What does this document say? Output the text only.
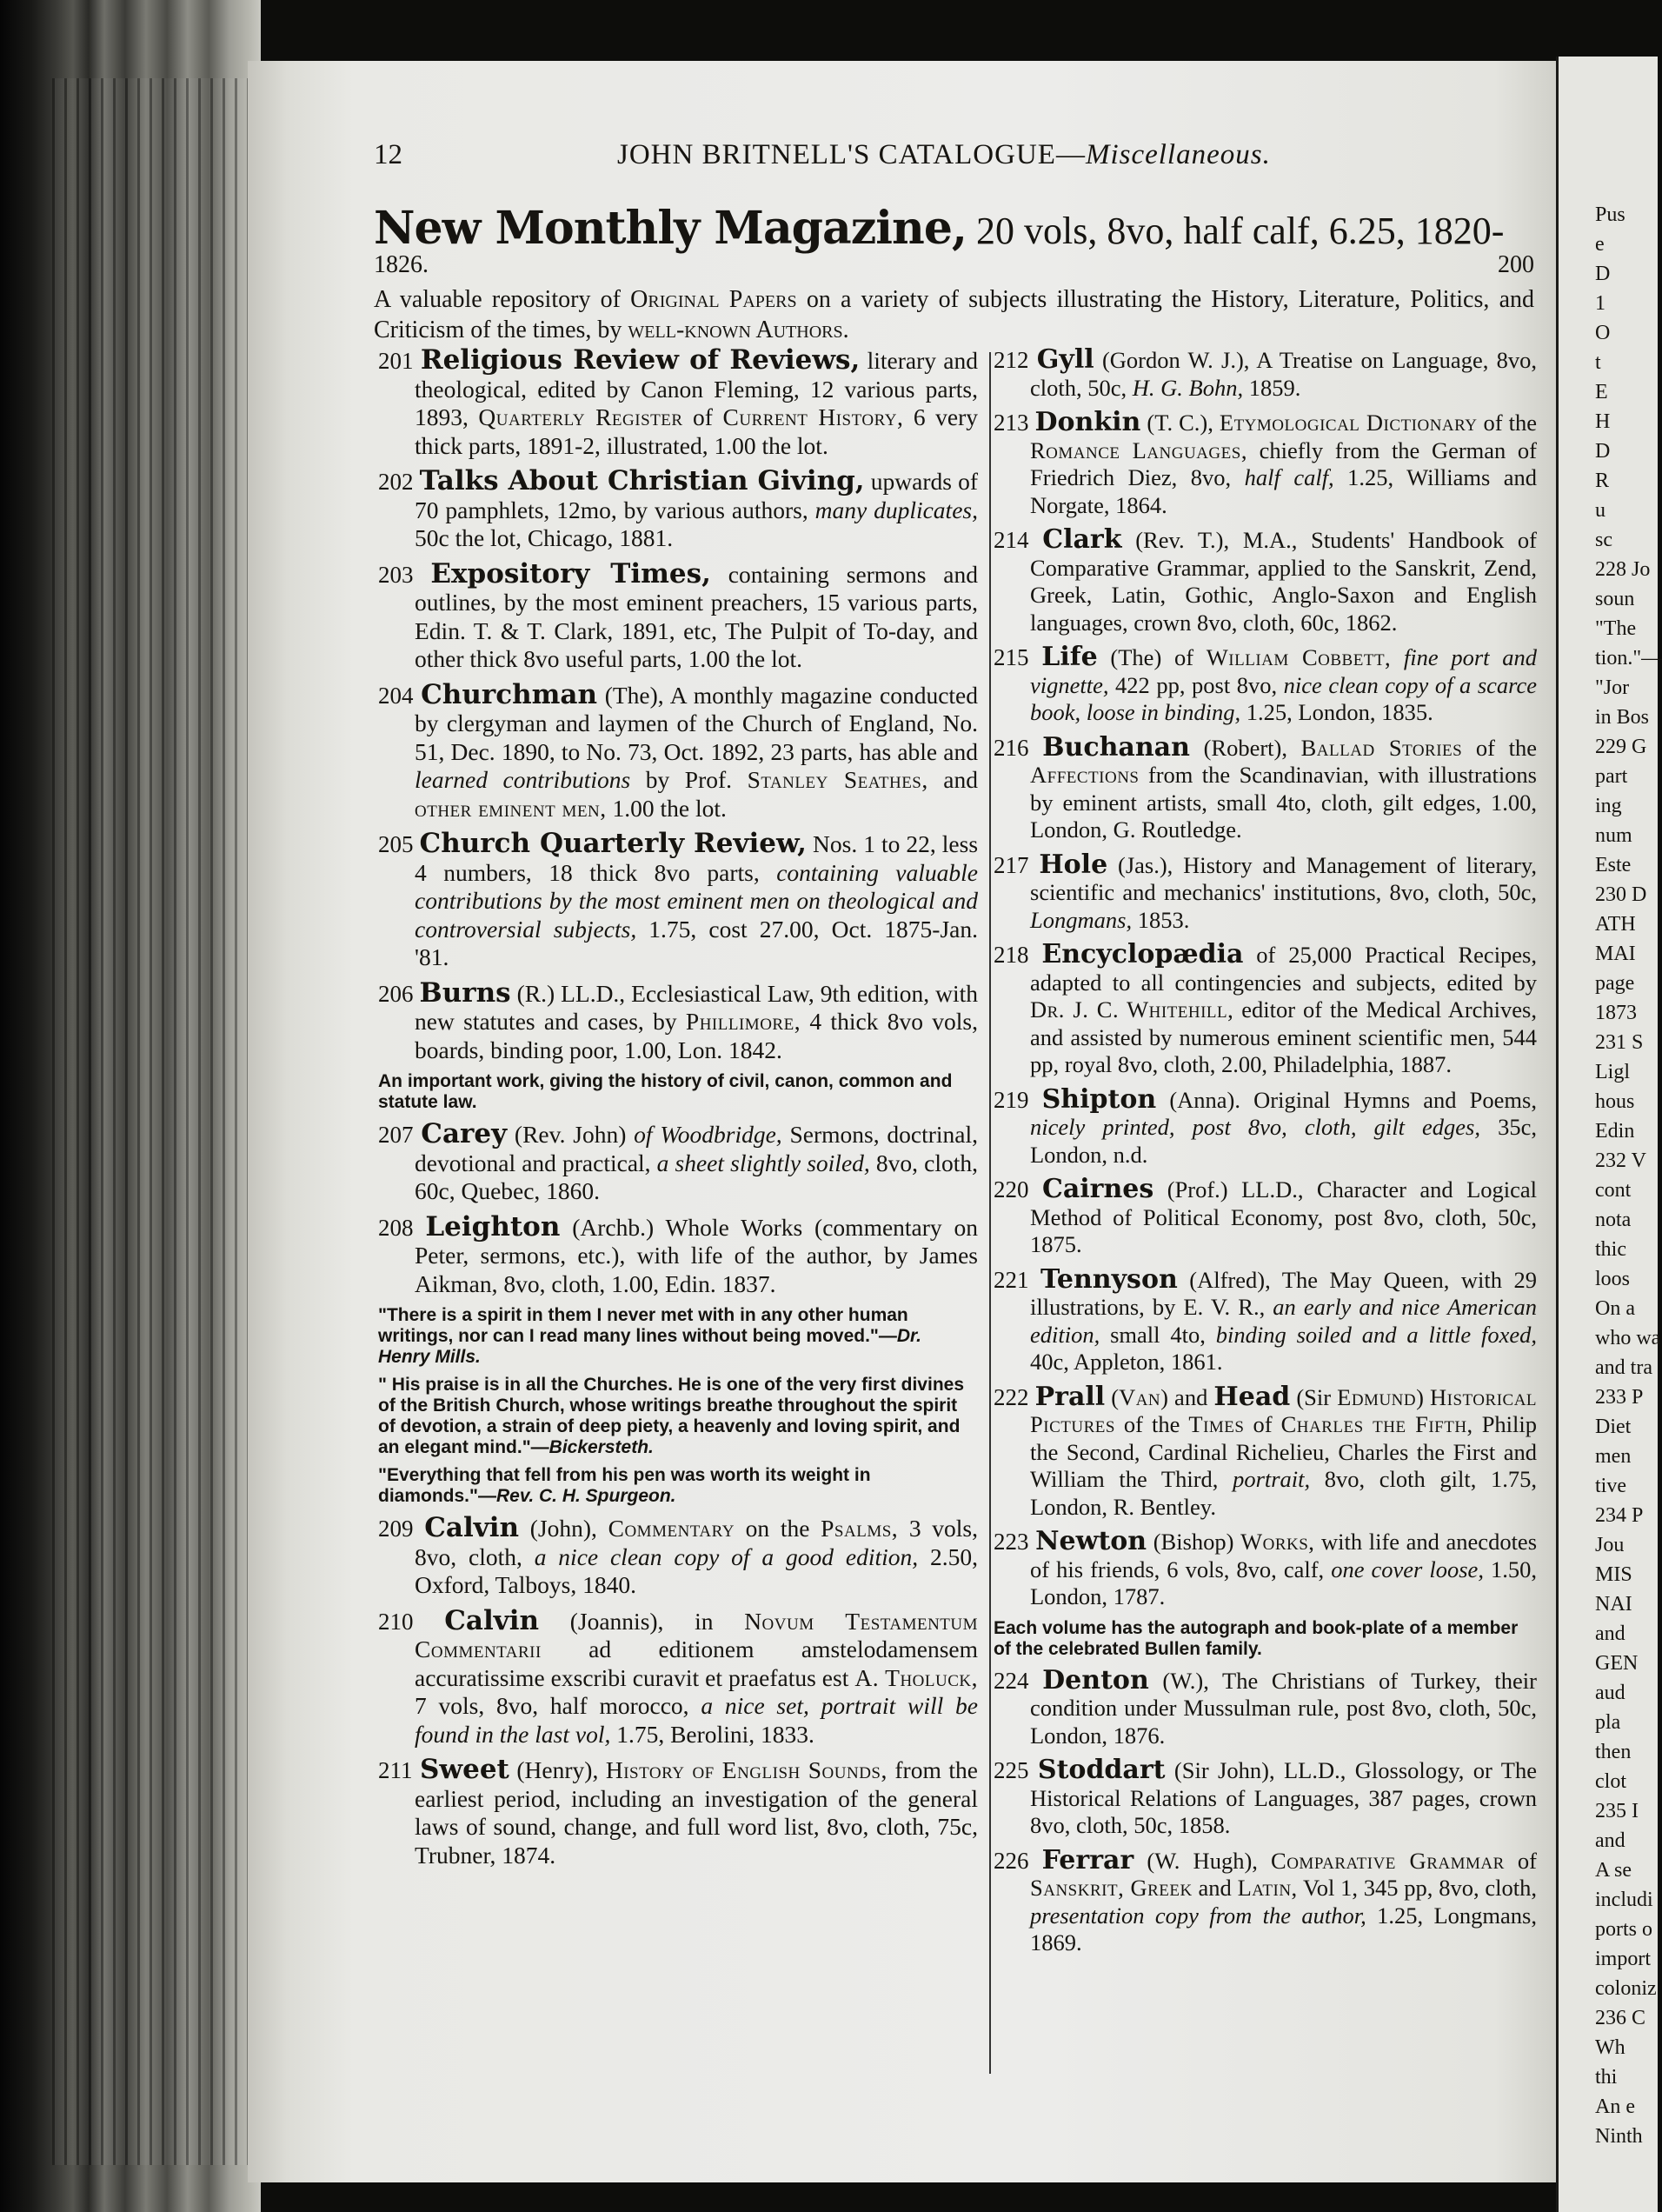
Pus

e

D

1

O

t

E

H

D

R

u

sc

228 Jo

soun

"The

tion."—

"Jor

in Bos

229 G

part

ing

num

Este

230 D

ATH

MAI

page

1873

231 S

Ligl

hous

Edin

232 V

cont

nota

thic

loos

On a

who wa

and tra

233 P

Diet

men

tive

234 P

Jou

MIS

NAI

and

GEN

aud

pla

then

clot

235 I

and

A se

includi

ports o

import

coloniz

236 C

Wh

thi

An e

Ninth

12	JOHN BRITNELL'S CATALOGUE—Miscellaneous.

New Monthly Magazine, 20 vols, 8vo, half calf, 6.25, 1820-

1826.	200

A valuable repository of Original Papers on a variety of subjects illustrating the History, Literature, Politics, and Criticism of the times, by well-known Authors.

201 Religious Review of Reviews, literary and theological, edited by Canon Fleming, 12 various parts, 1893, Quarterly Register of Current History, 6 very thick parts, 1891-2, illustrated, 1.00 the lot.

202 Talks About Christian Giving, upwards of 70 pamphlets, 12mo, by various authors, many duplicates, 50c the lot, Chicago, 1881.

203 Expository Times, containing sermons and outlines, by the most eminent preachers, 15 various parts, Edin. T. & T. Clark, 1891, etc, The Pulpit of To-day, and other thick 8vo useful parts, 1.00 the lot.

204 Churchman (The), A monthly magazine conducted by clergyman and laymen of the Church of England, No. 51, Dec. 1890, to No. 73, Oct. 1892, 23 parts, has able and learned contributions by Prof. Stanley Seathes, and other eminent men, 1.00 the lot.

205 Church Quarterly Review, Nos. 1 to 22, less 4 numbers, 18 thick 8vo parts, containing valuable contributions by the most eminent men on theological and controversial subjects, 1.75, cost 27.00, Oct. 1875-Jan. '81.

206 Burns (R.) LL.D., Ecclesiastical Law, 9th edition, with new statutes and cases, by Phillimore, 4 thick 8vo vols, boards, binding poor, 1.00, Lon. 1842.

An important work, giving the history of civil, canon, common and statute law.

207 Carey (Rev. John) of Woodbridge, Sermons, doctrinal, devotional and practical, a sheet slightly soiled, 8vo, cloth, 60c, Quebec, 1860.

208 Leighton (Archb.) Whole Works (commentary on Peter, sermons, etc.), with life of the author, by James Aikman, 8vo, cloth, 1.00, Edin. 1837.

"There is a spirit in them I never met with in any other human writings, nor can I read many lines without being moved."—Dr. Henry Mills.

" His praise is in all the Churches. He is one of the very first divines of the British Church, whose writings breathe throughout the spirit of devotion, a strain of deep piety, a heavenly and loving spirit, and an elegant mind."—Bickersteth.

"Everything that fell from his pen was worth its weight in diamonds."—Rev. C. H. Spurgeon.

209 Calvin (John), Commentary on the Psalms, 3 vols, 8vo, cloth, a nice clean copy of a good edition, 2.50, Oxford, Talboys, 1840.

210 Calvin (Joannis), in Novum Testamentum Commentarii ad editionem amstelodamensem accuratissime exscribi curavit et praefatus est A. Tholuck, 7 vols, 8vo, half morocco, a nice set, portrait will be found in the last vol, 1.75, Berolini, 1833.

211 Sweet (Henry), History of English Sounds, from the earliest period, including an investigation of the general laws of sound, change, and full word list, 8vo, cloth, 75c, Trubner, 1874.

212 Gyll (Gordon W. J.), A Treatise on Language, 8vo, cloth, 50c, H. G. Bohn, 1859.

213 Donkin (T. C.), Etymological Dictionary of the Romance Languages, chiefly from the German of Friedrich Diez, 8vo, half calf, 1.25, Williams and Norgate, 1864.

214 Clark (Rev. T.), M.A., Students' Handbook of Comparative Grammar, applied to the Sanskrit, Zend, Greek, Latin, Gothic, Anglo-Saxon and English languages, crown 8vo, cloth, 60c, 1862.

215 Life (The) of William Cobbett, fine port and vignette, 422 pp, post 8vo, nice clean copy of a scarce book, loose in binding, 1.25, London, 1835.

216 Buchanan (Robert), Ballad Stories of the Affections from the Scandinavian, with illustrations by eminent artists, small 4to, cloth, gilt edges, 1.00, London, G. Routledge.

217 Hole (Jas.), History and Management of literary, scientific and mechanics' institutions, 8vo, cloth, 50c, Longmans, 1853.

218 Encyclopædia of 25,000 Practical Recipes, adapted to all contingencies and subjects, edited by Dr. J. C. Whitehill, editor of the Medical Archives, and assisted by numerous eminent scientific men, 544 pp, royal 8vo, cloth, 2.00, Philadelphia, 1887.

219 Shipton (Anna). Original Hymns and Poems, nicely printed, post 8vo, cloth, gilt edges, 35c, London, n.d.

220 Cairnes (Prof.) LL.D., Character and Logical Method of Political Economy, post 8vo, cloth, 50c, 1875.

221 Tennyson (Alfred), The May Queen, with 29 illustrations, by E. V. R., an early and nice American edition, small 4to, binding soiled and a little foxed, 40c, Appleton, 1861.

222 Prall (Van) and Head (Sir Edmund) Historical Pictures of the Times of Charles the Fifth, Philip the Second, Cardinal Richelieu, Charles the First and William the Third, portrait, 8vo, cloth gilt, 1.75, London, R. Bentley.

223 Newton (Bishop) Works, with life and anecdotes of his friends, 6 vols, 8vo, calf, one cover loose, 1.50, London, 1787.

Each volume has the autograph and book-plate of a member of the celebrated Bullen family.

224 Denton (W.), The Christians of Turkey, their condition under Mussulman rule, post 8vo, cloth, 50c, London, 1876.

225 Stoddart (Sir John), LL.D., Glossology, or The Historical Relations of Languages, 387 pages, crown 8vo, cloth, 50c, 1858.

226 Ferrar (W. Hugh), Comparative Grammar of Sanskrit, Greek and Latin, Vol 1, 345 pp, 8vo, cloth, presentation copy from the author, 1.25, Longmans, 1869.
